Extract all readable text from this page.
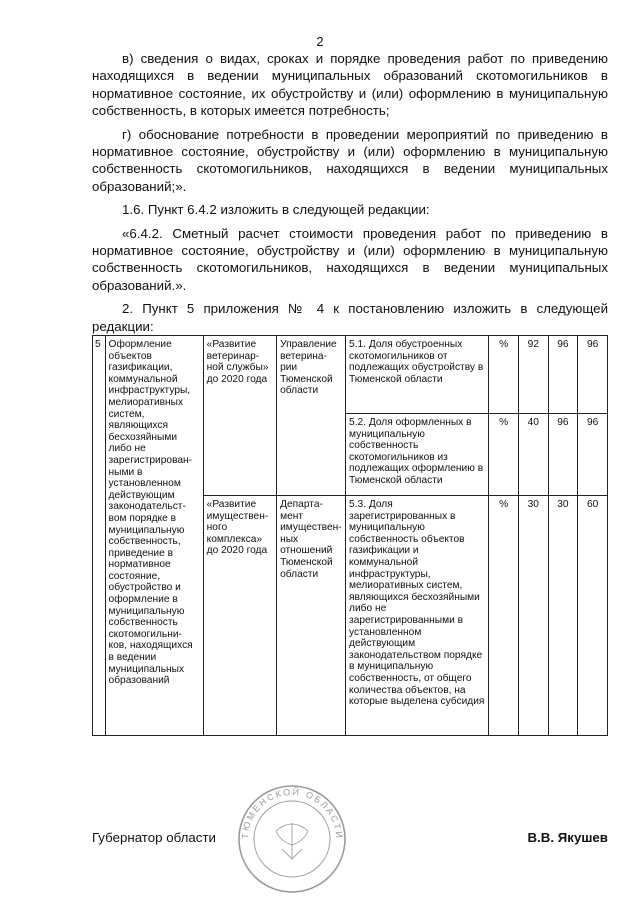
2

в) сведения о видах, сроках и порядке проведения работ по приведению находящихся в ведении муниципальных образований скотомогильников в нормативное состояние, их обустройству и (или) оформлению в муниципальную собственность, в которых имеется потребность;

г) обоснование потребности в проведении мероприятий по приведению в нормативное состояние, обустройству и (или) оформлению в муниципальную собственность скотомогильников, находящихся в ведении муниципальных образований;».

1.6. Пункт 6.4.2 изложить в следующей редакции:

«6.4.2. Сметный расчет стоимости проведения работ по приведению в нормативное состояние, обустройству и (или) оформлению в муниципальную собственность скотомогильников, находящихся в ведении муниципальных образований.».

2. Пункт 5 приложения № 4 к постановлению изложить в следующей редакции:

5	Оформление объектов газификации, коммунальной инфраструктуры, мелиоративных систем, являющихся бесхозяйными либо не зарегистрирован-ными в установленном действующим законодательст-вом порядке в муниципальную собственность, приведение в нормативное состояние, обустройство и оформление в муниципальную собственность скотомогильни-ков, находящихся в ведении муниципальных образований	«Развитие ветеринар-ной службы» до 2020 года	Управление ветерина-рии Тюменской области	5.1. Доля обустроенных скотомогильников от подлежащих обустройству в Тюменской области	%	92	96	96
				5.2. Доля оформленных в муниципальную собственность скотомогильников из подлежащих оформлению в Тюменской области	%	40	96	96
		«Развитие имуществен-ного комплекса» до 2020 года	Департа-мент имуществен-ных отношений Тюменской области	5.3. Доля зарегистрированных в муниципальную собственность объектов газификации и коммунальной инфраструктуры, мелиоративных систем, являющихся бесхозяйными либо не зарегистрированными в установленном действующим законодательством порядке в муниципальную собственность, от общего количества объектов, на которые выделена субсидия	%	30	30	60
ТЮМЕНСКОЙ ОБЛАСТИ
Губернатор области	В.В. Якушев
